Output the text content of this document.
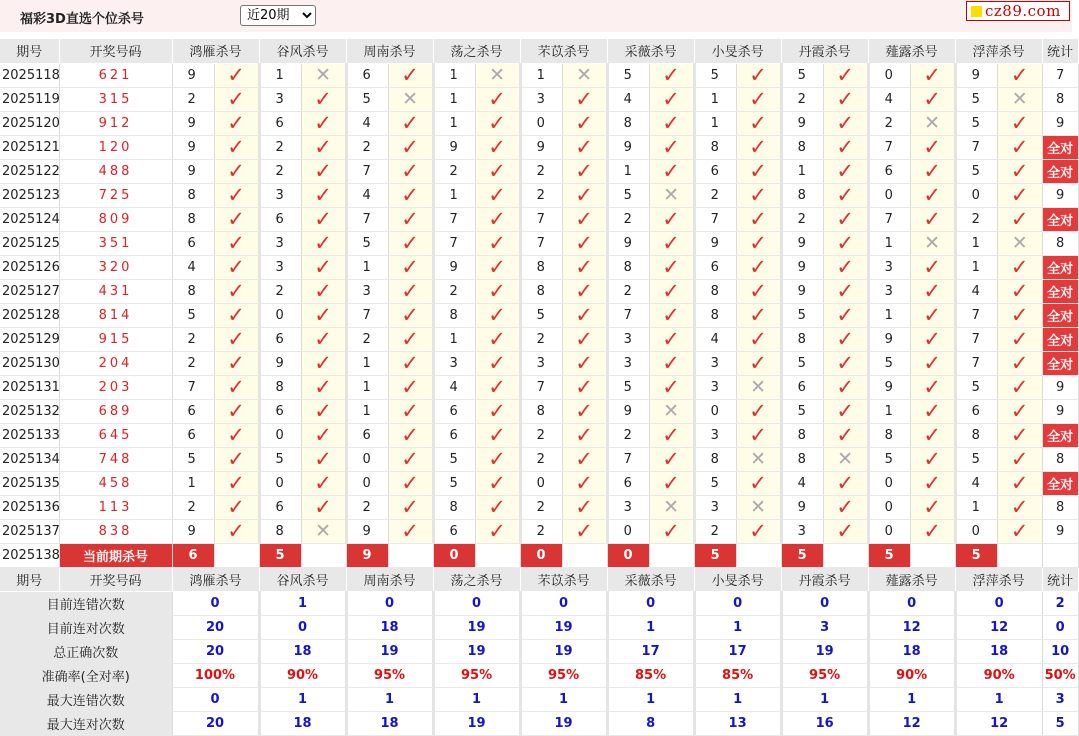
福彩3D直选个位杀号
近20期	cz89.com
期号	开奖号码	鸿雁杀号		谷风杀号		周南杀号		荡之杀号		芣苡杀号		采薇杀号		小旻杀号		丹霞杀号		薤露杀号		浮萍杀号		统计
2025118	621	9	✓	1	✕	6	✓	1	✕	1	✕	5	✓	5	✓	5	✓	0	✓	9	✓	7
2025119	315	2	✓	3	✓	5	✕	1	✓	3	✓	4	✓	1	✓	2	✓	4	✓	5	✕	8
2025120	912	9	✓	6	✓	4	✓	1	✓	0	✓	8	✓	1	✓	9	✓	2	✕	5	✓	9
2025121	120	9	✓	2	✓	2	✓	9	✓	9	✓	9	✓	8	✓	8	✓	7	✓	7	✓	全对
2025122	488	9	✓	2	✓	7	✓	2	✓	2	✓	1	✓	6	✓	1	✓	6	✓	5	✓	全对
2025123	725	8	✓	3	✓	4	✓	1	✓	2	✓	5	✕	2	✓	8	✓	0	✓	0	✓	9
2025124	809	8	✓	6	✓	7	✓	7	✓	7	✓	2	✓	7	✓	2	✓	7	✓	2	✓	全对
2025125	351	6	✓	3	✓	5	✓	7	✓	7	✓	9	✓	9	✓	9	✓	1	✕	1	✕	8
2025126	320	4	✓	3	✓	1	✓	9	✓	8	✓	8	✓	6	✓	9	✓	3	✓	1	✓	全对
2025127	431	8	✓	2	✓	3	✓	2	✓	8	✓	2	✓	8	✓	9	✓	3	✓	4	✓	全对
2025128	814	5	✓	0	✓	7	✓	8	✓	5	✓	7	✓	8	✓	5	✓	1	✓	7	✓	全对
2025129	915	2	✓	6	✓	2	✓	1	✓	2	✓	3	✓	4	✓	8	✓	9	✓	7	✓	全对
2025130	204	2	✓	9	✓	1	✓	3	✓	3	✓	3	✓	3	✓	5	✓	5	✓	7	✓	全对
2025131	203	7	✓	8	✓	1	✓	4	✓	7	✓	5	✓	3	✕	6	✓	9	✓	5	✓	9
2025132	689	6	✓	6	✓	1	✓	6	✓	8	✓	9	✕	0	✓	5	✓	1	✓	6	✓	9
2025133	645	6	✓	0	✓	6	✓	6	✓	2	✓	2	✓	3	✓	8	✓	8	✓	8	✓	全对
2025134	748	5	✓	5	✓	0	✓	5	✓	2	✓	7	✓	8	✕	8	✕	5	✓	5	✓	8
2025135	458	1	✓	0	✓	0	✓	5	✓	0	✓	6	✓	5	✓	4	✓	0	✓	4	✓	全对
2025136	113	2	✓	6	✓	2	✓	8	✓	2	✓	3	✕	3	✕	9	✓	0	✓	1	✓	8
2025137	838	9	✓	8	✕	9	✓	6	✓	2	✓	0	✓	2	✓	3	✓	0	✓	0	✓	9
2025138	当前期杀号	6		5		9		0		0		0		5		5		5		5		
期号	开奖号码	鸿雁杀号		谷风杀号		周南杀号		荡之杀号		芣苡杀号		采薇杀号		小旻杀号		丹霞杀号		薤露杀号		浮萍杀号		统计
目前连错次数		0		1		0		0		0		0		0		0		0		0		2
目前连对次数		20		0		18		19		19		1		1		3		12		12		0
总正确次数		20		18		19		19		19		17		17		19		18		18		10
准确率(全对率)		100%		90%		95%		95%		95%		85%		85%		95%		90%		90%		50%
最大连错次数		0		1		1		1		1		1		1		1		1		1		3
最大连对次数		20		18		18		19		19		8		13		16		12		12		5
